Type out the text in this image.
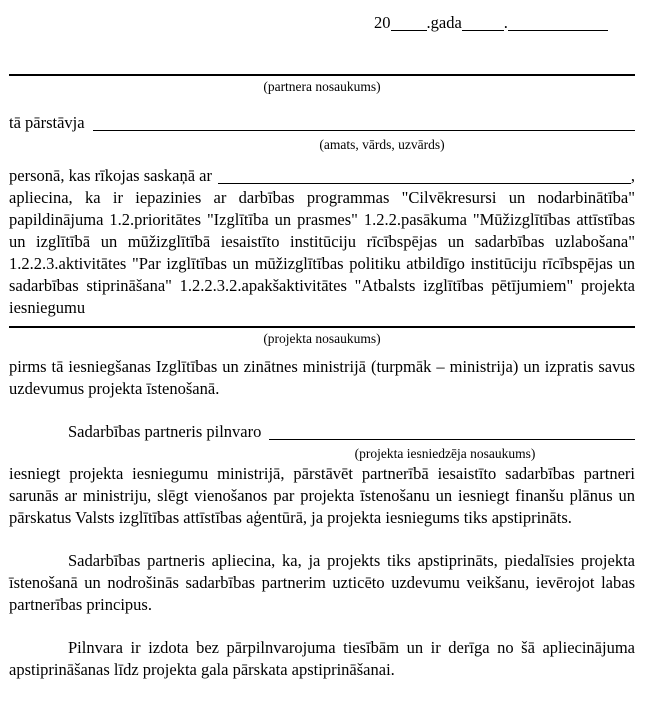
20 .gada	.
(partnera nosaukums)
tā pārstāvja
(amats, vārds, uzvārds)
personā, kas rīkojas saskaņā ar	,
apliecina, ka ir iepazinies ar darbības programmas "Cilvēkresursi un nodarbinātība" papildinājuma 1.2.prioritātes "Izglītība un prasmes" 1.2.2.pasākuma "Mūžizglītības attīstības un izglītībā un mūžizglītībā iesaistīto institūciju rīcībspējas un sadarbības uzlabošana" 1.2.2.3.aktivitātes "Par izglītības un mūžizglītības politiku atbildīgo institūciju rīcībspējas un sadarbības stiprināšana" 1.2.2.3.2.apakšaktivitātes "Atbalsts izglītības pētījumiem" projekta iesniegumu
(projekta nosaukums)
pirms tā iesniegšanas Izglītības un zinātnes ministrijā (turpmāk – ministrija) un izpratis savus uzdevumus projekta īstenošanā.
Sadarbības partneris pilnvaro
(projekta iesniedzēja nosaukums)
iesniegt projekta iesniegumu ministrijā, pārstāvēt partnerībā iesaistīto sadarbības partneri sarunās ar ministriju, slēgt vienošanos par projekta īstenošanu un iesniegt finanšu plānus un pārskatus Valsts izglītības attīstības aģentūrā, ja projekta iesniegums tiks apstiprināts.
Sadarbības partneris apliecina, ka, ja projekts tiks apstiprināts, piedalīsies projekta īstenošanā un nodrošinās sadarbības partnerim uzticēto uzdevumu veikšanu, ievērojot labas partnerības principus.
Pilnvara ir izdota bez pārpilnvarojuma tiesībām un ir derīga no šā apliecinājuma apstiprināšanas līdz projekta gala pārskata apstiprināšanai.
